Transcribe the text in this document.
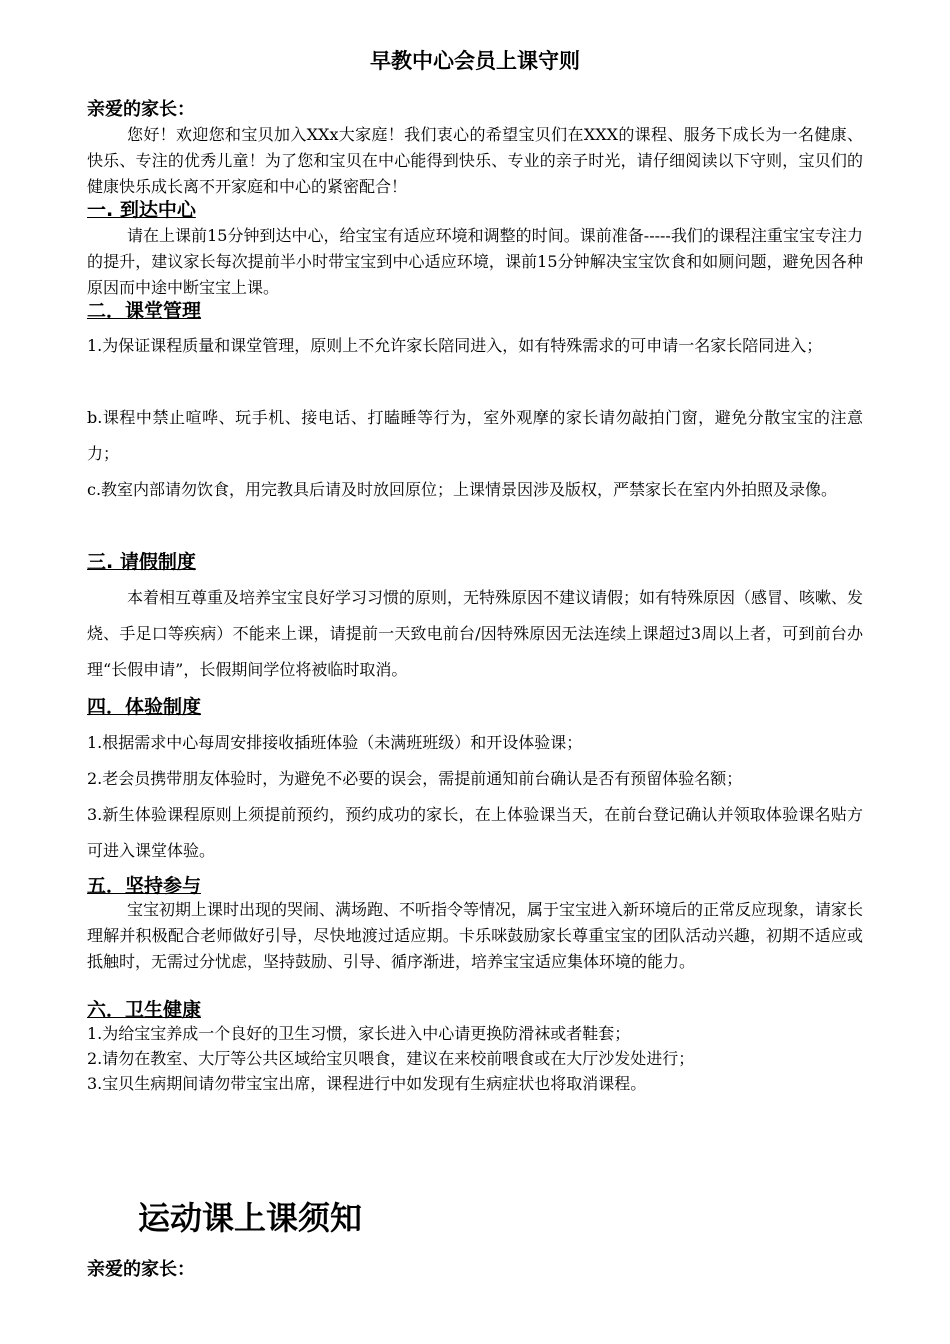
早教中心会员上课守则
亲爱的家长：

您好！欢迎您和宝贝加入XXx大家庭！我们衷心的希望宝贝们在XXX的课程、服务下成长为一名健康、快乐、专注的优秀儿童！为了您和宝贝在中心能得到快乐、专业的亲子时光，请仔细阅读以下守则，宝贝们的健康快乐成长离不开家庭和中心的紧密配合！

一. 到达中心

请在上课前15分钟到达中心，给宝宝有适应环境和调整的时间。课前准备-----我们的课程注重宝宝专注力的提升，建议家长每次提前半小时带宝宝到中心适应环境，课前15分钟解决宝宝饮食和如厕问题，避免因各种原因而中途中断宝宝上课。

二．课堂管理

1.为保证课程质量和课堂管理，原则上不允许家长陪同进入，如有特殊需求的可申请一名家长陪同进入；

b.课程中禁止喧哗、玩手机、接电话、打瞌睡等行为，室外观摩的家长请勿敲拍门窗，避免分散宝宝的注意力；

c.教室内部请勿饮食，用完教具后请及时放回原位；上课情景因涉及版权，严禁家长在室内外拍照及录像。

三. 请假制度

本着相互尊重及培养宝宝良好学习习惯的原则，无特殊原因不建议请假；如有特殊原因（感冒、咳嗽、发烧、手足口等疾病）不能来上课，请提前一天致电前台/因特殊原因无法连续上课超过3周以上者，可到前台办理“长假申请”，长假期间学位将被临时取消。

四．体验制度

1.根据需求中心每周安排接收插班体验（未满班班级）和开设体验课；

2.老会员携带朋友体验时，为避免不必要的误会，需提前通知前台确认是否有预留体验名额；

3.新生体验课程原则上须提前预约，预约成功的家长，在上体验课当天，在前台登记确认并领取体验课名贴方可进入课堂体验。

五．坚持参与

宝宝初期上课时出现的哭闹、满场跑、不听指令等情况，属于宝宝进入新环境后的正常反应现象，请家长理解并积极配合老师做好引导，尽快地渡过适应期。卡乐咪鼓励家长尊重宝宝的团队活动兴趣，初期不适应或抵触时，无需过分忧虑，坚持鼓励、引导、循序渐进，培养宝宝适应集体环境的能力。

六．卫生健康
1.为给宝宝养成一个良好的卫生习惯，家长进入中心请更换防滑袜或者鞋套；
2.请勿在教室、大厅等公共区域给宝贝喂食，建议在来校前喂食或在大厅沙发处进行；
3.宝贝生病期间请勿带宝宝出席，课程进行中如发现有生病症状也将取消课程。
运动课上课须知
亲爱的家长：
